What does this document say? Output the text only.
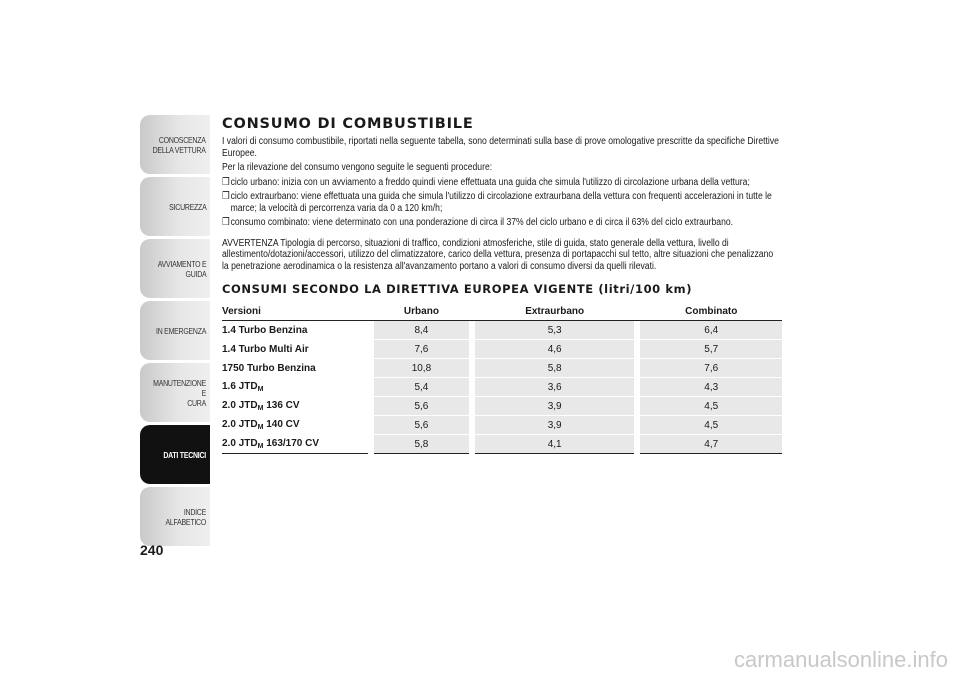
CONOSCENZA
DELLA VETTURA
SICUREZZA
AVVIAMENTO E
GUIDA
IN EMERGENZA
MANUTENZIONE E
CURA
DATI TECNICI
INDICE ALFABETICO
240
CONSUMO DI COMBUSTIBILE

I valori di consumo combustibile, riportati nella seguente tabella, sono determinati sulla base di prove omologative prescritte da specifiche Direttive Europee.

Per la rilevazione del consumo vengono seguite le seguenti procedure:

❒ciclo urbano: inizia con un avviamento a freddo quindi viene effettuata una guida che simula l'utilizzo di circolazione urbana della vettura;
❒ciclo extraurbano: viene effettuata una guida che simula l'utilizzo di circolazione extraurbana della vettura con frequenti accelerazioni in tutte le marce; la velocità di percorrenza varia da 0 a 120 km/h;
❒consumo combinato: viene determinato con una ponderazione di circa il 37% del ciclo urbano e di circa il 63% del ciclo extraurbano.

AVVERTENZA Tipologia di percorso, situazioni di traffico, condizioni atmosferiche, stile di guida, stato generale della vettura, livello di allestimento/dotazioni/accessori, utilizzo del climatizzatore, carico della vettura, presenza di portapacchi sul tetto, altre situazioni che penalizzano la penetrazione aerodinamica o la resistenza all'avanzamento portano a valori di consumo diversi da quelli rilevati.

CONSUMI SECONDO LA DIRETTIVA EUROPEA VIGENTE (litri/100 km)
Versioni		Urbano		Extraurbano		Combinato
1.4 Turbo Benzina		8,4		5,3		6,4
1.4 Turbo Multi Air		7,6		4,6		5,7
1750 Turbo Benzina		10,8		5,8		7,6
1.6 $JTD_M$		5,4		3,6		4,3
2.0 $JTD_M$ 136 CV		5,6		3,9		4,5
2.0 $JTD_M$ 140 CV		5,6		3,9		4,5
2.0 $JTD_M$ 163/170 CV		5,8		4,1		4,7
carmanualsonline.info
